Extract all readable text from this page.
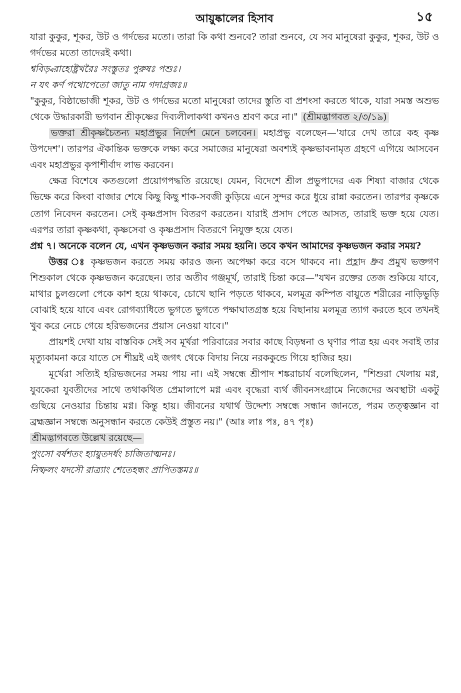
আয়ুষ্কালের হিসাব	১৫

যারা কুকুর, শূকর, উট ও গর্দভের মতো। তারা কি কথা শুনবে? তারা শুনবে, যে সব মানুষেরা কুকুর, শূকর, উট ও গর্দভের মতো তাদেরই কথা।

শ্ববিড়্বরাহোষ্ট্রখরৈঃ সংস্তুতঃ পুরুষঃ পশুঃ।

ন যৎ কর্ণ পথোপেতো জাতু নাম গদাগ্রজঃ॥

"কুকুর, বিষ্ঠাভোজী শূকর, উট ও গর্দভের মতো মানুষেরা তাদের স্তুতি বা প্রশংসা করতে থাকে, যারা সমস্ত অশুভ থেকে উদ্ধারকারী ভগবান শ্রীকৃষ্ণের দিব্যলীলাকথা কখনও শ্রবণ করে না।" (শ্রীমদ্ভাগবত ২/৩/১৯)

ভক্তরা শ্রীকৃষ্ণচৈতন্য মহাপ্রভুর নির্দেশ মেনে চলবেন। মহাপ্রভু বলেছেন—'যারে দেখ তারে কহ কৃষ্ণ উপদেশ'। তারপর ঐকান্তিক ভক্তকে লক্ষ্য করে সমাজের মানুষেরা অবশ্যই কৃষ্ণভাবনামৃত গ্রহণে এগিয়ে আসবেন এবং মহাপ্রভুর কৃপাশীর্বাদ লাভ করবেন।

ক্ষেত্র বিশেষে কতগুলো প্রয়োগপদ্ধতি রয়েছে। যেমন, বিদেশে শ্রীল প্রভুপাদের এক শিষ্যা বাজার থেকে ভিক্ষে করে কিংবা বাজার শেষে কিছু কিছু শাক-সবজী কুড়িয়ে এনে সুন্দর করে ধুয়ে রান্না করতেন। তারপর কৃষ্ণকে তোগ নিবেদন করতেন। সেই কৃষ্ণপ্রসাদ বিতরণ করতেন। যারাই প্রসাদ পেতে আসত, তারাই ভক্ত হয়ে যেত। এরপর তারা কৃষ্ণকথা, কৃষ্ণসেবা ও কৃষ্ণপ্রসাদ বিতরণে নিযুক্ত হয়ে যেত।

প্রশ্ন ৭। অনেকে বলেন যে, এখন কৃষ্ণভজন করার সময় হয়নি। তবে কখন আমাদের কৃষ্ণভজন করার সময়?

উত্তর ঃ কৃষ্ণভজন করতে সময় কারও জন্য অপেক্ষা করে বসে থাকবে না। প্রহ্লাদ ধ্রুব প্রমুখ ভক্তগণ শিশুকাল থেকে কৃষ্ণভজন করেছেন। তার অতীব গঞ্জমূর্খ, তারাই চিন্তা করে—"যখন রক্তের তেজ শুকিয়ে যাবে, মাথার চুলগুলো পেকে কাশ হয়ে থাকবে, চোখে ছানি পড়তে থাকবে, মলমূত্র কম্পিত বায়ুতে শরীরের নাড়িভুড়ি বোঝাই হয়ে যাবে এবং রোগব্যাধিতে ভুগতে ভুগতে পক্ষাঘাতগ্রস্ত হয়ে বিছানায় মলমূত্র ত্যাগ করতে হবে তখনই খুব করে নেচে গেয়ে হরিভজনের প্রয়াস নেওয়া যাবে।"

প্রায়শই দেখা যায় বাস্তবিক সেই সব মূর্খরা পরিবারের সবার কাছে বিড়ম্বনা ও ঘৃণার পাত্র হয় এবং সবাই তার মৃত্যুকামনা করে যাতে সে শীঘ্রই এই জগৎ থেকে বিদায় নিয়ে নরককুন্ডে গিয়ে হাজির হয়।

মূর্খেরা সত্যিই হরিভজনের সময় পায় না। এই সম্বন্ধে শ্রীপাদ শঙ্করাচার্য বলেছিলেন, "শিশুরা খেলায় মগ্ন, যুবকেরা যুবতীদের সাথে তথাকথিত প্রেমালাপে মগ্ন এবং বৃদ্ধেরা ব্যর্থ জীবনসংগ্রামে নিজেদের অবস্থাটা একটু গুছিয়ে নেওয়ার চিন্তায় মগ্ন। কিন্তু হায়। জীবনের যথার্থ উদ্দেশ্য সম্বন্ধে সন্ধান জানতে, পরম তত্ত্বজ্ঞান বা ব্রহ্মজ্ঞান সম্বন্ধে অনুসন্ধান করতে কেউই প্রস্তুত নয়।" (আঃ লাঃ পঃ, ৪৭ পৃঃ)

শ্রীমদ্ভাগবতে উল্লেখ রয়েছে—

পুংসো বর্ষশতং হ্যায়ুতদর্ধং চাজিতাত্মনঃ।

নিষ্ফলং যদসৌ রাত্র্যাং শেতেহন্ধং প্রাপিতস্তমঃ॥
